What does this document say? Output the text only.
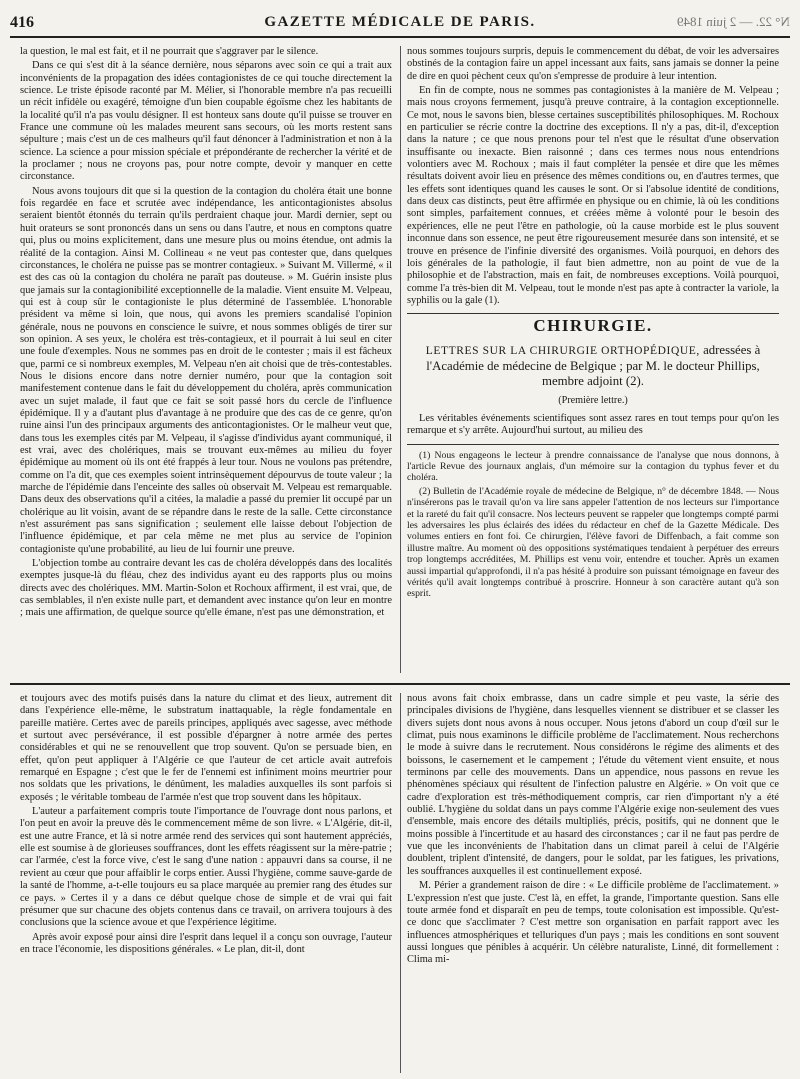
416	GAZETTE MÉDICALE DE PARIS.	N° 22. — 2 juin 1849

la question, le mal est fait, et il ne pourrait que s'aggraver par le silence.

Dans ce qui s'est dit à la séance dernière, nous séparons avec soin ce qui a trait aux inconvénients de la propagation des idées contagionistes de ce qui touche directement la science. Le triste épisode raconté par M. Mélier, si l'honorable membre n'a pas recueilli un récit infidèle ou exagéré, témoigne d'un bien coupable égoïsme chez les habitants de la localité qu'il n'a pas voulu désigner. Il est honteux sans doute qu'il puisse se trouver en France une commune où les malades meurent sans secours, où les morts restent sans sépulture ; mais c'est un de ces malheurs qu'il faut dénoncer à l'administration et non à la science. La science a pour mission spéciale et prépondérante de rechercher la vérité et de la proclamer ; nous ne croyons pas, pour notre compte, devoir y manquer en cette circonstance.

Nous avons toujours dit que si la question de la contagion du choléra était une bonne fois regardée en face et scrutée avec indépendance, les anticontagionistes absolus seraient bientôt étonnés du terrain qu'ils perdraient chaque jour. Mardi dernier, sept ou huit orateurs se sont prononcés dans un sens ou dans l'autre, et nous en comptons quatre qui, plus ou moins explicitement, dans une mesure plus ou moins étendue, ont admis la réalité de la contagion. Ainsi M. Collineau « ne veut pas contester que, dans quelques circonstances, le choléra ne puisse pas se montrer contagieux. » Suivant M. Villermé, « il est des cas où la contagion du choléra ne paraît pas douteuse. » M. Guérin insiste plus que jamais sur la contagionibilité exceptionnelle de la maladie. Vient ensuite M. Velpeau, qui est à coup sûr le contagioniste le plus déterminé de l'assemblée. L'honorable président va même si loin, que nous, qui avons les premiers scandalisé l'opinion générale, nous ne pouvons en conscience le suivre, et nous sommes obligés de tirer sur son opinion. A ses yeux, le choléra est très-contagieux, et il pourrait à lui seul en citer une foule d'exemples. Nous ne sommes pas en droit de le contester ; mais il est fâcheux que, parmi ce si nombreux exemples, M. Velpeau n'en ait choisi que de très-contestables. Nous le disions encore dans notre dernier numéro, pour que la contagion soit manifestement contenue dans le fait du développement du choléra, après communication avec un sujet malade, il faut que ce fait se soit passé hors du cercle de l'influence épidémique. Il y a d'autant plus d'avantage à ne produire que des cas de ce genre, qu'on ruine ainsi l'un des principaux arguments des anticontagionistes. Or le malheur veut que, dans tous les exemples cités par M. Velpeau, il s'agisse d'individus ayant communiqué, il est vrai, avec des cholériques, mais se trouvant eux-mêmes au milieu du foyer épidémique au moment où ils ont été frappés à leur tour. Nous ne voulons pas prétendre, comme on l'a dit, que ces exemples soient intrinsèquement dépourvus de toute valeur ; la marche de l'épidémie dans l'enceinte des salles où observait M. Velpeau est remarquable. Dans deux des observations qu'il a citées, la maladie a passé du premier lit occupé par un cholérique au lit voisin, avant de se répandre dans le reste de la salle. Cette circonstance n'est assurément pas sans signification ; seulement elle laisse debout l'objection de l'influence épidémique, et par cela même ne met plus au service de l'opinion contagioniste qu'une probabilité, au lieu de lui fournir une preuve.

L'objection tombe au contraire devant les cas de choléra développés dans des localités exemptes jusque-là du fléau, chez des individus ayant eu des rapports plus ou moins directs avec des cholériques. MM. Martin-Solon et Rochoux affirment, il est vrai, que, de cas semblables, il n'en existe nulle part, et demandent avec instance qu'on leur en montre ; mais une affirmation, de quelque source qu'elle émane, n'est pas une démonstration, et

nous sommes toujours surpris, depuis le commencement du débat, de voir les adversaires obstinés de la contagion faire un appel incessant aux faits, sans jamais se donner la peine de dire en quoi pèchent ceux qu'on s'empresse de produire à leur intention.

En fin de compte, nous ne sommes pas contagionistes à la manière de M. Velpeau ; mais nous croyons fermement, jusqu'à preuve contraire, à la contagion exceptionnelle. Ce mot, nous le savons bien, blesse certaines susceptibilités philosophiques. M. Rochoux en particulier se récrie contre la doctrine des exceptions. Il n'y a pas, dit-il, d'exception dans la nature ; ce que nous prenons pour tel n'est que le résultat d'une observation insuffisante ou inexacte. Bien raisonné ; dans ces termes nous nous entendrions volontiers avec M. Rochoux ; mais il faut compléter la pensée et dire que les mêmes résultats doivent avoir lieu en présence des mêmes conditions ou, en d'autres termes, que les effets sont identiques quand les causes le sont. Or si l'absolue identité de conditions, dans deux cas distincts, peut être affirmée en physique ou en chimie, là où les conditions sont simples, parfaitement connues, et créées même à volonté pour le besoin des expériences, elle ne peut l'être en pathologie, où la cause morbide est le plus souvent inconnue dans son essence, ne peut être rigoureusement mesurée dans son intensité, et se trouve en présence de l'infinie diversité des organismes. Voilà pourquoi, en dehors des lois générales de la pathologie, il faut bien admettre, non au point de vue de la philosophie et de l'abstraction, mais en fait, de nombreuses exceptions. Voilà pourquoi, comme l'a très-bien dit M. Velpeau, tout le monde n'est pas apte à contracter la variole, la syphilis ou la gale (1).

CHIRURGIE.
LETTRES SUR LA CHIRURGIE ORTHOPÉDIQUE, adressées à l'Académie de médecine de Belgique ; par M. le docteur Phillips, membre adjoint (2).
(Première lettre.)

Les véritables événements scientifiques sont assez rares en tout temps pour qu'on les remarque et s'y arrête. Aujourd'hui surtout, au milieu des

(1) Nous engageons le lecteur à prendre connaissance de l'analyse que nous donnons, à l'article Revue des journaux anglais, d'un mémoire sur la contagion du typhus fever et du choléra.

(2) Bulletin de l'Académie royale de médecine de Belgique, n° de décembre 1848. — Nous n'insérerons pas le travail qu'on va lire sans appeler l'attention de nos lecteurs sur l'importance et la rareté du fait qu'il consacre. Nos lecteurs peuvent se rappeler que longtemps compté parmi les adversaires les plus éclairés des idées du rédacteur en chef de la Gazette Médicale. Des volumes entiers en font foi. Ce chirurgien, l'élève favori de Diffenbach, a fait comme son illustre maître. Au moment où des oppositions systématiques tendaient à perpétuer des erreurs trop longtemps accréditées, M. Phillips est venu voir, entendre et toucher. Après un examen aussi impartial qu'approfondi, il n'a pas hésité à produire son puissant témoignage en faveur des vérités qu'il avait longtemps contribué à proscrire. Honneur à son caractère autant qu'à son esprit.

et toujours avec des motifs puisés dans la nature du climat et des lieux, autrement dit dans l'expérience elle-même, le substratum inattaquable, la règle fondamentale en pareille matière. Certes avec de pareils principes, appliqués avec sagesse, avec méthode et surtout avec persévérance, il est possible d'épargner à notre armée des pertes considérables et qui ne se renouvellent que trop souvent. Qu'on se persuade bien, en effet, qu'on peut appliquer à l'Algérie ce que l'auteur de cet article avait autrefois remarqué en Espagne ; c'est que le fer de l'ennemi est infiniment moins meurtrier pour nos soldats que les privations, le dénûment, les maladies auxquelles ils sont parfois si exposés ; le véritable tombeau de l'armée n'est que trop souvent dans les hôpitaux.

L'auteur a parfaitement compris toute l'importance de l'ouvrage dont nous parlons, et l'on peut en avoir la preuve dès le commencement même de son livre. « L'Algérie, dit-il, est une autre France, et là si notre armée rend des services qui sont hautement appréciés, elle est soumise à de glorieuses souffrances, dont les effets réagissent sur la mère-patrie ; car l'armée, c'est la force vive, c'est le sang d'une nation : appauvri dans sa course, il ne revient au cœur que pour affaiblir le corps entier. Aussi l'hygiène, comme sauve-garde de la santé de l'homme, a-t-elle toujours eu sa place marquée au premier rang des études sur ce pays. » Certes il y a dans ce début quelque chose de simple et de vrai qui fait présumer que sur chacune des objets contenus dans ce travail, on arrivera toujours à des conclusions que la science avoue et que l'expérience légitime.

Après avoir exposé pour ainsi dire l'esprit dans lequel il a conçu son ouvrage, l'auteur en trace l'économie, les dispositions générales. « Le plan, dit-il, dont

nous avons fait choix embrasse, dans un cadre simple et peu vaste, la série des principales divisions de l'hygiène, dans lesquelles viennent se distribuer et se classer les divers sujets dont nous avons à nous occuper. Nous jetons d'abord un coup d'œil sur le climat, puis nous examinons le difficile problème de l'acclimatement. Nous recherchons le mode à suivre dans le recrutement. Nous considérons le régime des aliments et des boissons, le casernement et le campement ; l'étude du vêtement vient ensuite, et nous terminons par celle des mouvements. Dans un appendice, nous passons en revue les phénomènes spéciaux qui résultent de l'infection palustre en Algérie. » On voit que ce cadre d'exploration est très-méthodiquement compris, car rien d'important n'y a été oublié. L'hygiène du soldat dans un pays comme l'Algérie exige non-seulement des vues d'ensemble, mais encore des détails multipliés, précis, positifs, qui ne donnent que le moins possible à l'incertitude et au hasard des circonstances ; car il ne faut pas perdre de vue que les inconvénients de l'habitation dans un climat pareil à celui de l'Algérie doublent, triplent d'intensité, de dangers, pour le soldat, par les fatigues, les privations, les souffrances auxquelles il est continuellement exposé.

M. Périer a grandement raison de dire : « Le difficile problème de l'acclimatement. » L'expression n'est que juste. C'est là, en effet, la grande, l'importante question. Sans elle toute armée fond et disparaît en peu de temps, toute colonisation est impossible. Qu'est-ce donc que s'acclimater ? C'est mettre son organisation en parfait rapport avec les influences atmosphériques et telluriques d'un pays ; mais les conditions en sont souvent aussi longues que pénibles à acquérir. Un célèbre naturaliste, Linné, dit formellement : Clima mi-
